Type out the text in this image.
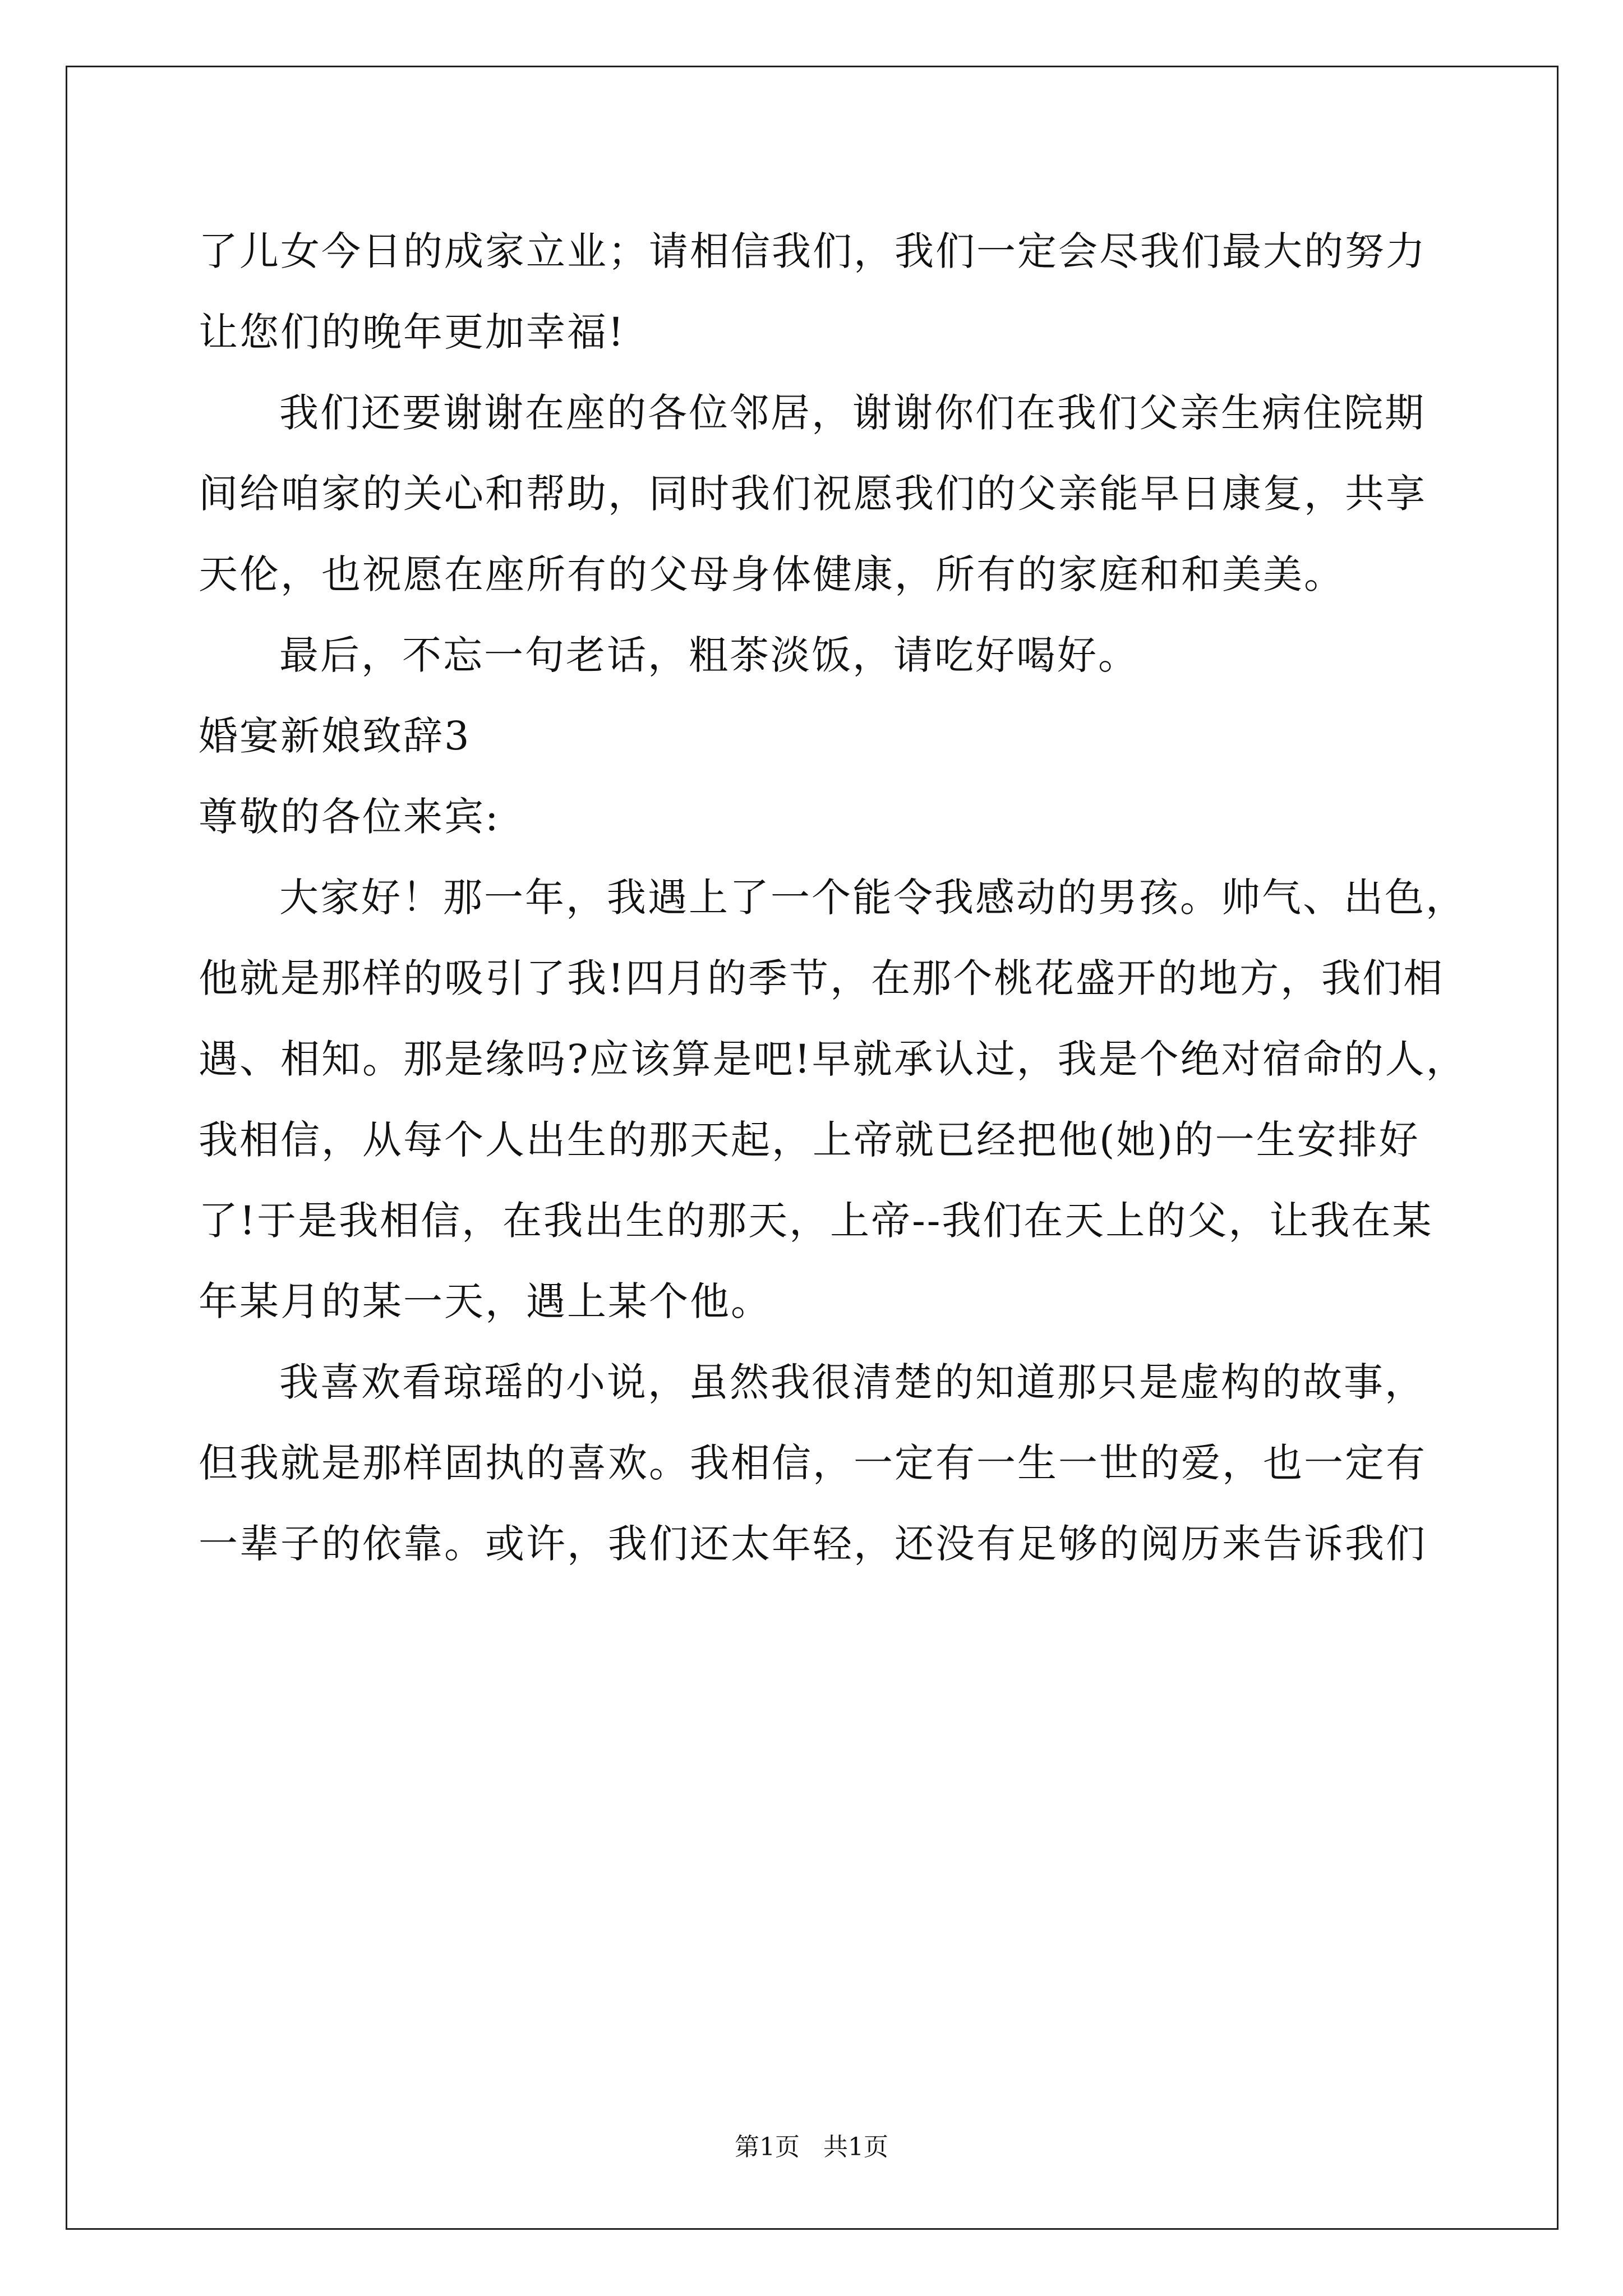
了儿女今日的成家立业；请相信我们，我们一定会尽我们最大的努力
让您们的晚年更加幸福!
我们还要谢谢在座的各位邻居，谢谢你们在我们父亲生病住院期
间给咱家的关心和帮助，同时我们祝愿我们的父亲能早日康复，共享
天伦，也祝愿在座所有的父母身体健康，所有的家庭和和美美。
最后，不忘一句老话，粗茶淡饭，请吃好喝好。
婚宴新娘致辞3
尊敬的各位来宾:
大家好！那一年，我遇上了一个能令我感动的男孩。帅气、出色，
他就是那样的吸引了我!四月的季节，在那个桃花盛开的地方，我们相
遇、相知。那是缘吗?应该算是吧!早就承认过，我是个绝对宿命的人，
我相信，从每个人出生的那天起，上帝就已经把他(她)的一生安排好
了!于是我相信，在我出生的那天，上帝--我们在天上的父，让我在某
年某月的某一天，遇上某个他。
我喜欢看琼瑶的小说，虽然我很清楚的知道那只是虚构的故事，
但我就是那样固执的喜欢。我相信，一定有一生一世的爱，也一定有
一辈子的依靠。或许，我们还太年轻，还没有足够的阅历来告诉我们
第1页   共1页
